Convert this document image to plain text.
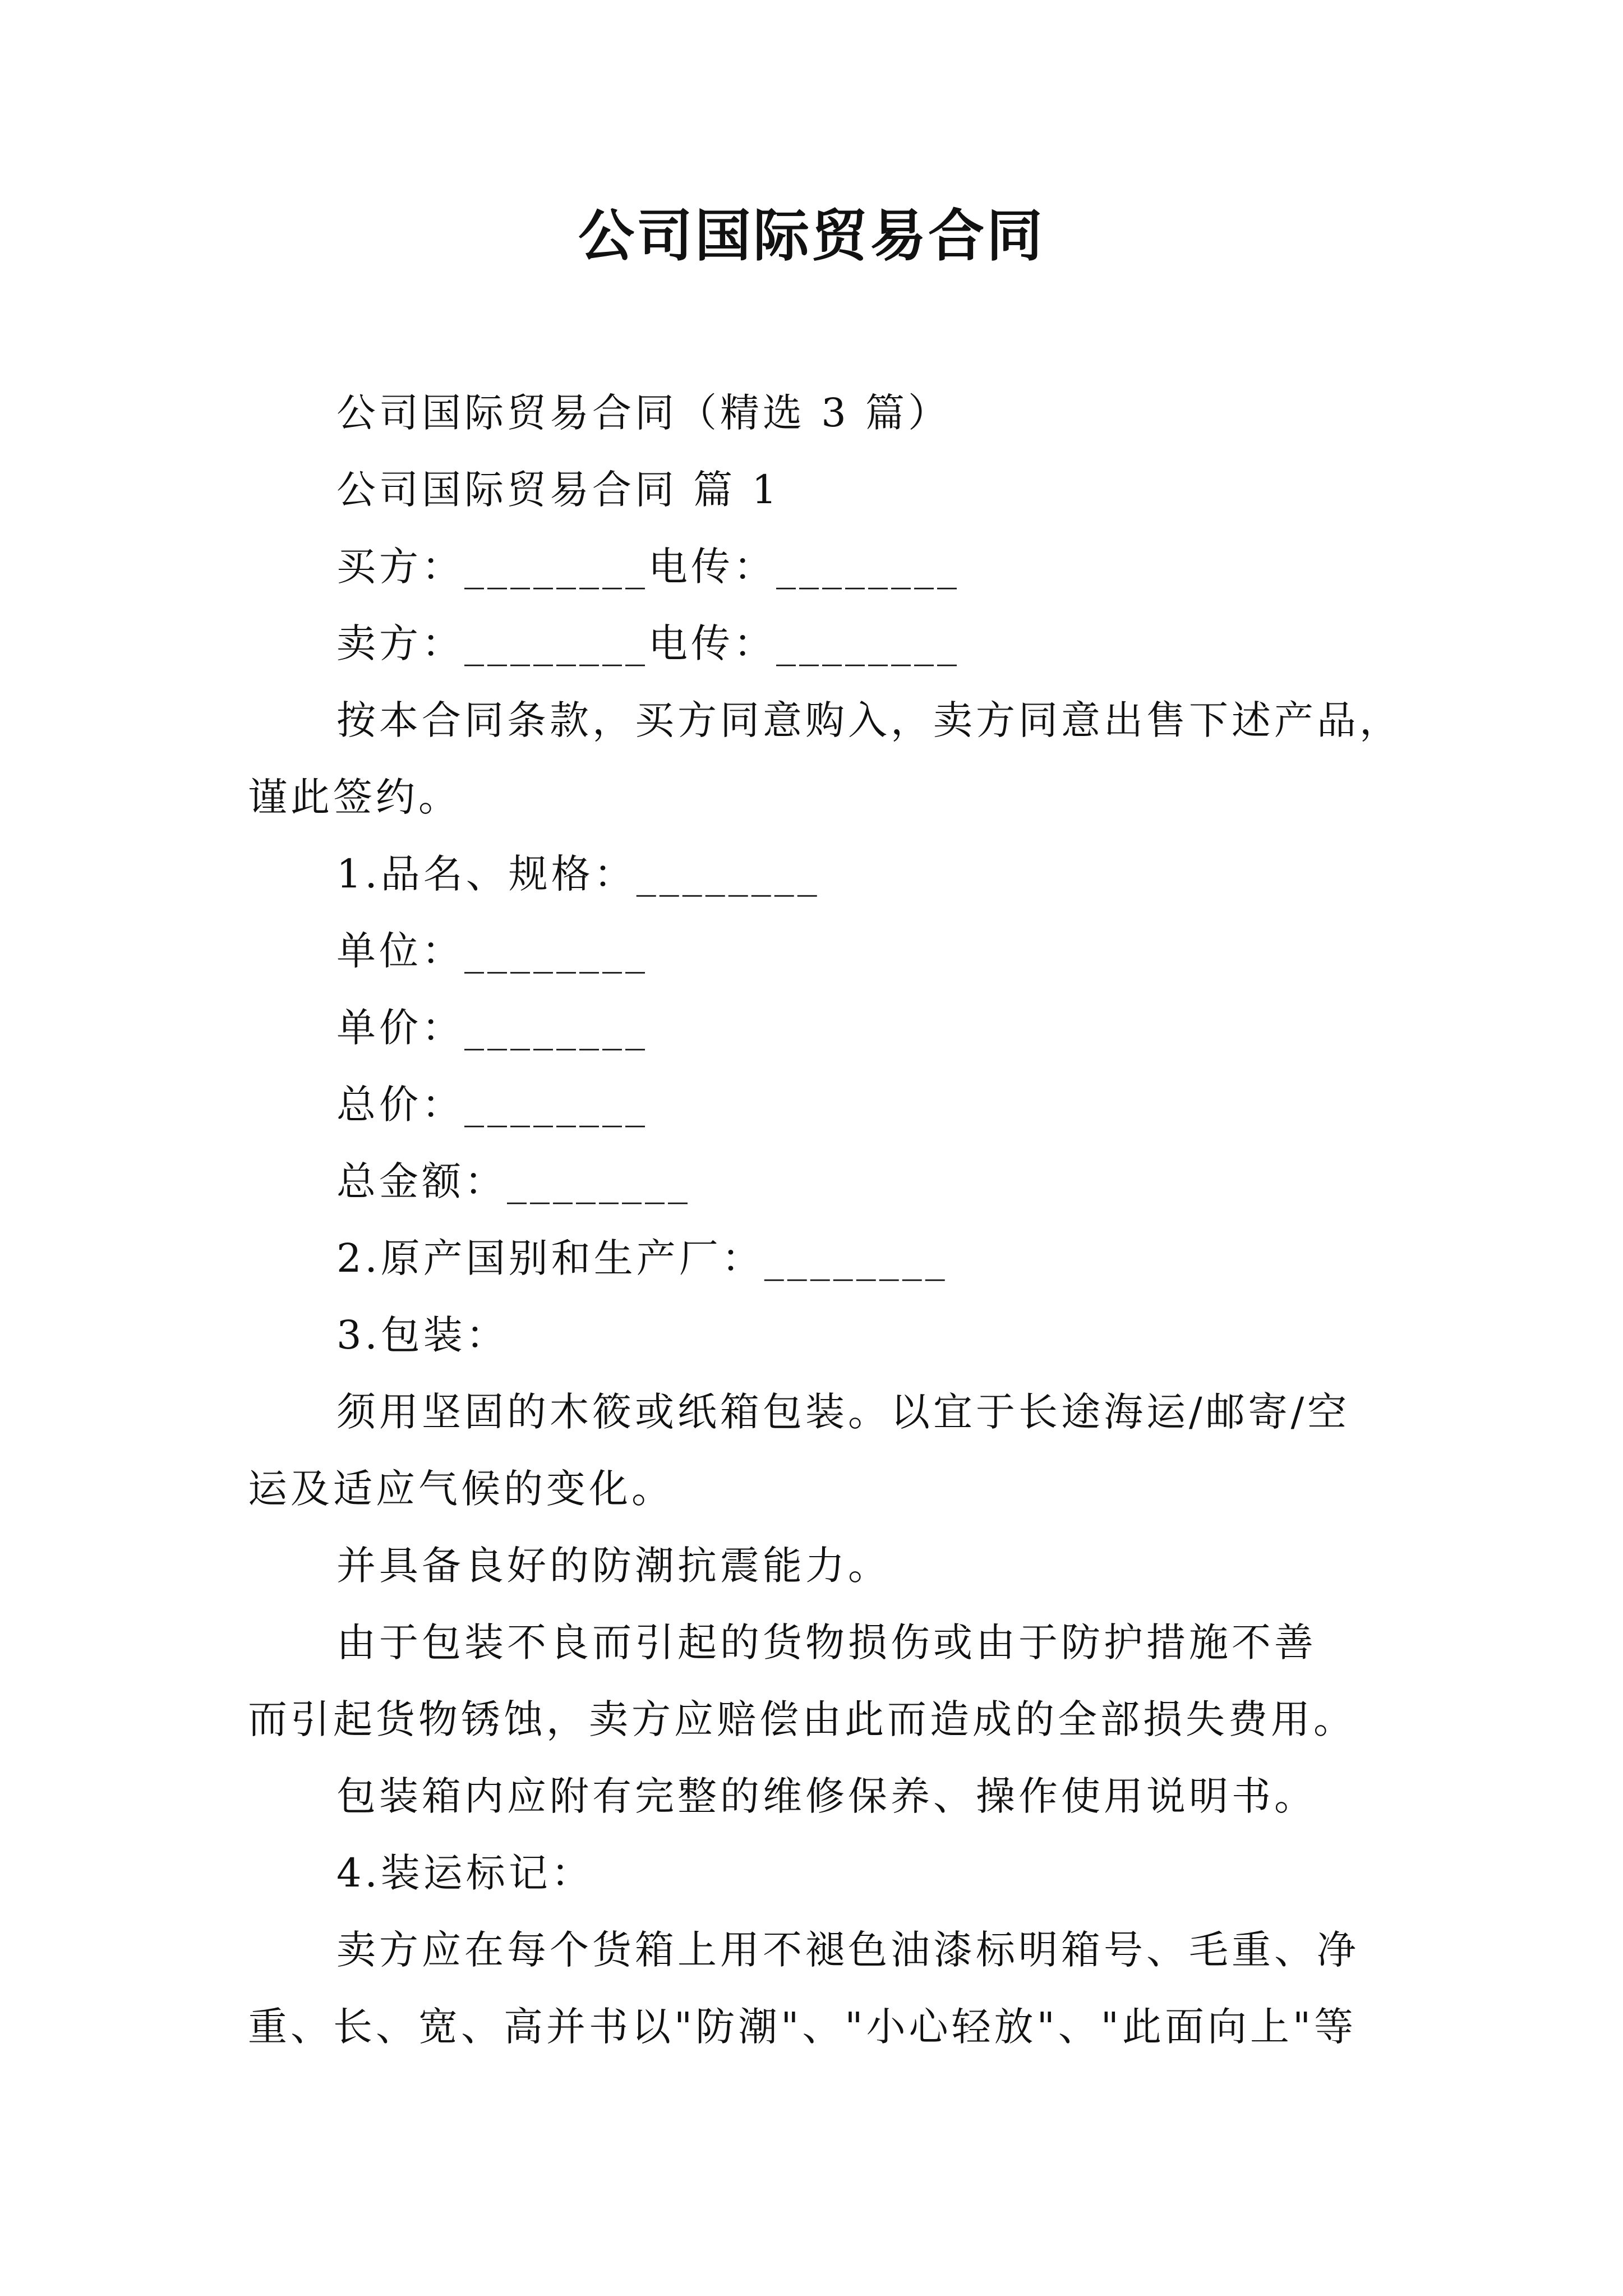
公司国际贸易合同
公司国际贸易合同（精选 3 篇）
公司国际贸易合同 篇 1
买方：________电传：________
卖方：________电传：________
按本合同条款，买方同意购入，卖方同意出售下述产品，
谨此签约。
1.品名、规格：________
单位：________
单价：________
总价：________
总金额：________
2.原产国别和生产厂：________
3.包装：
须用坚固的木筱或纸箱包装。以宜于长途海运/邮寄/空
运及适应气候的变化。
并具备良好的防潮抗震能力。
由于包装不良而引起的货物损伤或由于防护措施不善
而引起货物锈蚀，卖方应赔偿由此而造成的全部损失费用。
包装箱内应附有完整的维修保养、操作使用说明书。
4.装运标记：
卖方应在每个货箱上用不褪色油漆标明箱号、毛重、净
重、长、宽、高并书以"防潮"、"小心轻放"、"此面向上"等
